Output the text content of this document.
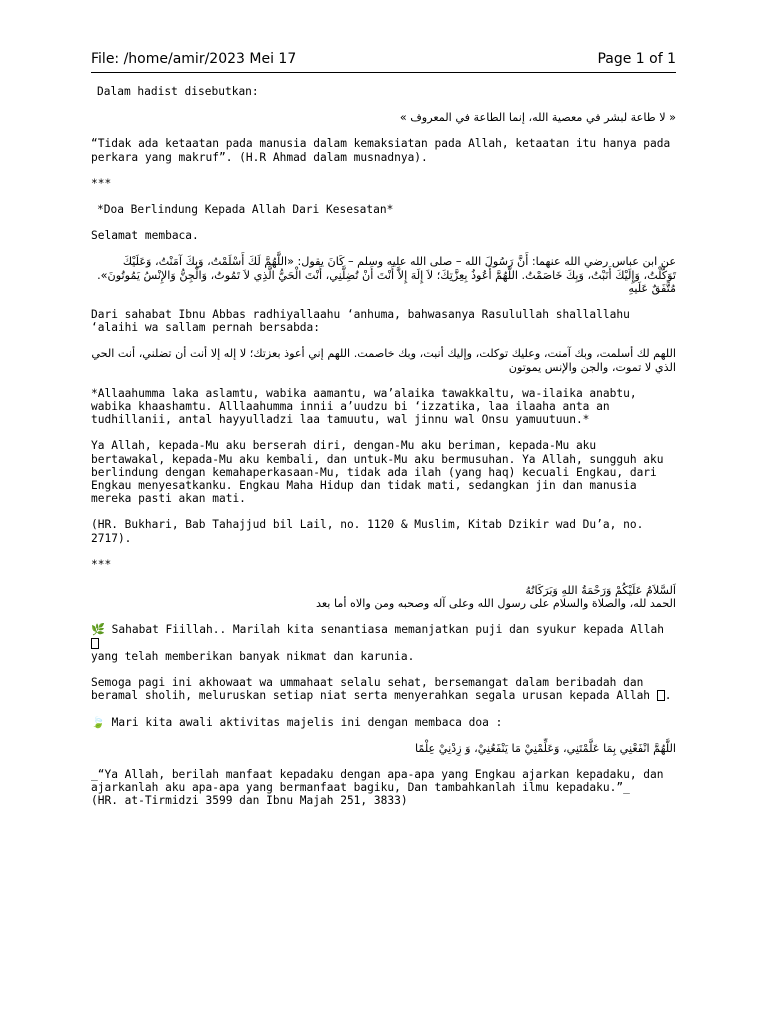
File: /home/amir/2023 Mei 17	Page 1 of 1
Dalam hadist disebutkan:
« لا طاعة لبشر في معصية الله، إنما الطاعة في المعروف »
“Tidak ada ketaatan pada manusia dalam kemaksiatan pada Allah, ketaatan itu hanya pada perkara yang makruf”. (H.R Ahmad dalam musnadnya).
***
*Doa Berlindung Kepada Allah Dari Kesesatan*
Selamat membaca.
عن ابن عباس رضي الله عنهما: أَنَّ رَسُولَ الله – صلى الله عليه وسلم – كَانَ يقول: «اللَّهُمَّ لَكَ أَسْلَمْتُ، وَبِكَ آمَنْتُ، وَعَلَيْكَ تَوَكَّلْتُ، وَإِلَيْكَ أَنَبْتُ، وَبِكَ خَاصَمْتُ. اللَّهُمَّ أَعُوذُ بِعِزَّتِكَ؛ لاَ إِلَهَ إِلاَّ أَنْتَ أَنْ تُضِلَّنِي، أَنْتَ الْحَيُّ الَّذِي لاَ تَمُوتُ، وَالْجِنُّ وَالإِنْسُ يَمُوتُونَ». مُتَّفَقٌ عَلَيهِ
Dari sahabat Ibnu Abbas radhiyallaahu ‘anhuma, bahwasanya Rasulullah shallallahu ‘alaihi wa sallam pernah bersabda:
اللهم لك أسلمت، وبك آمنت، وعليك توكلت، وإليك أنبت، وبك خاصمت. اللهم إني أعوذ بعزتك؛ لا إله إلا أنت أن تضلني، أنت الحي الذي لا تموت، والجن والإنس يموتون
*Allaahumma laka aslamtu, wabika aamantu, wa’alaika tawakkaltu, wa-ilaika anabtu, wabika khaashamtu. Alllaahumma innii a’uudzu bi ‘izzatika, laa ilaaha anta an tudhillanii, antal hayyulladzi laa tamuutu, wal jinnu wal Onsu yamuutuun.*
Ya Allah, kepada-Mu aku berserah diri, dengan-Mu aku beriman, kepada-Mu aku bertawakal, kepada-Mu aku kembali, dan untuk-Mu aku bermusuhan. Ya Allah, sungguh aku berlindung dengan kemahaperkasaan-Mu, tidak ada ilah (yang haq) kecuali Engkau, dari Engkau menyesatkanku. Engkau Maha Hidup dan tidak mati, sedangkan jin dan manusia mereka pasti akan mati.
(HR. Bukhari, Bab Tahajjud bil Lail, no. 1120 & Muslim, Kitab Dzikir wad Du’a, no. 2717).
***
اَلسَّلاَمُ عَلَيْكُمْ وَرَحْمَةُ اللهِ وَبَرَكَاتُهُ
الحمد لله، والصلاة والسلام على رسول الله وعلى آله وصحبه ومن والاه أما بعد
🌿 Sahabat Fiillah.. Marilah kita senantiasa memanjatkan puji dan syukur kepada Allah
yang telah memberikan banyak nikmat dan karunia.
Semoga pagi ini akhowaat wa ummahaat selalu sehat, bersemangat dalam beribadah dan beramal sholih, meluruskan setiap niat serta menyerahkan segala urusan kepada Allah .
🍃 Mari kita awali aktivitas majelis ini dengan membaca doa :
اللَّهُمَّ انْفَعْنِي بِمَا عَلَّمْتَنِي، وَعَلِّمْنِيْ مَا يَنْفَعُنِيْ، وَ زِدْنِيْ عِلْمًا
_“Ya Allah, berilah manfaat kepadaku dengan apa-apa yang Engkau ajarkan kepadaku, dan ajarkanlah aku apa-apa yang bermanfaat bagiku, Dan tambahkanlah ilmu kepadaku.”_
(HR. at-Tirmidzi 3599 dan Ibnu Majah 251, 3833)
